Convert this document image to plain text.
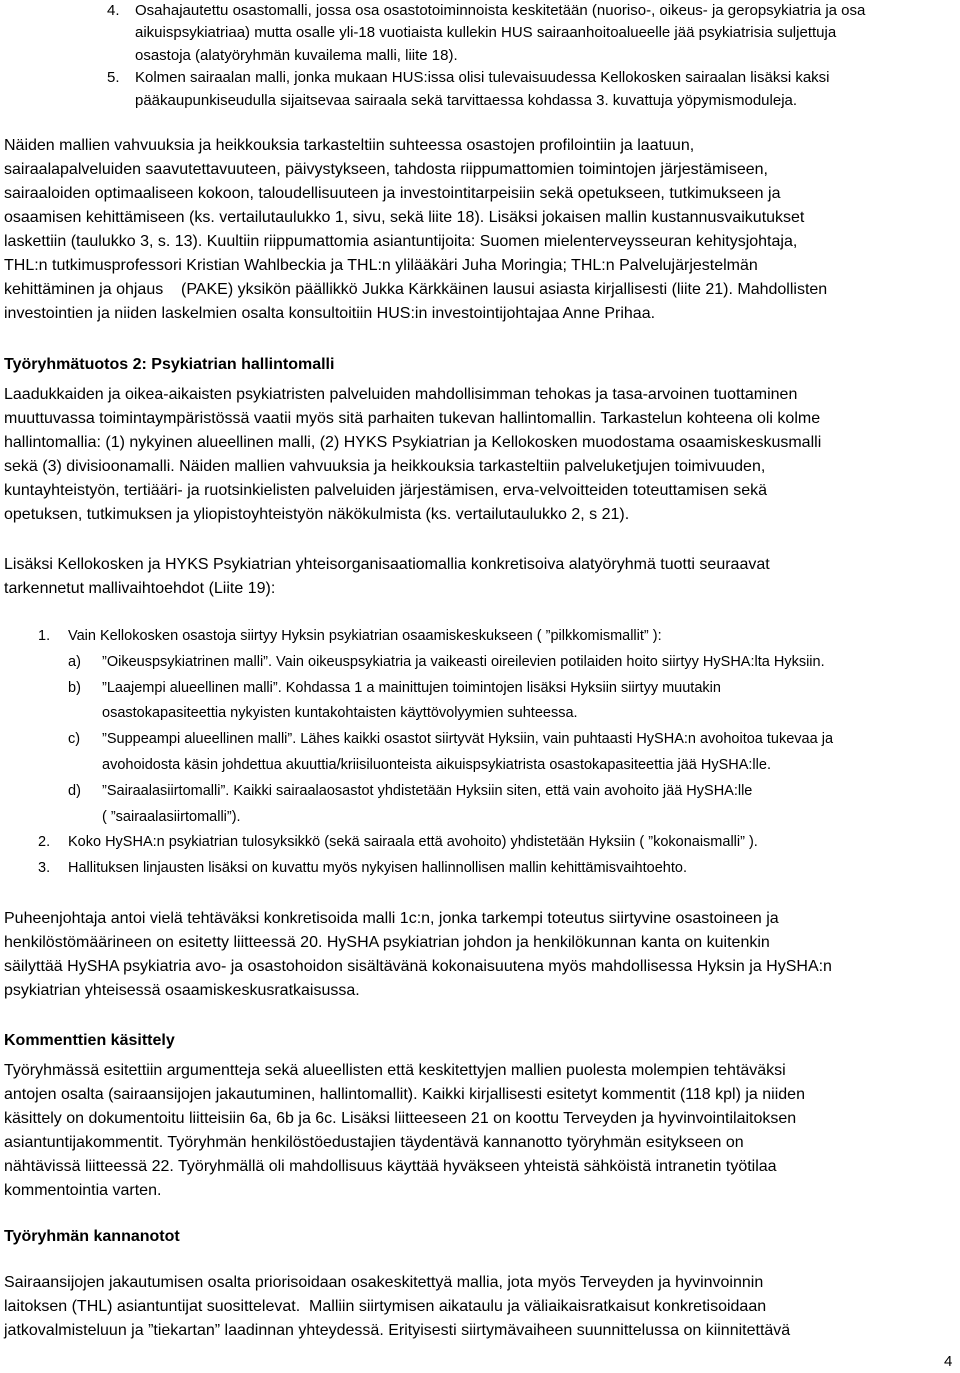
4. Osahajautettu osastomalli, jossa osa osastotoiminnoista keskitetään (nuoriso-, oikeus- ja geropsykiatria ja osa
aikuispsykiatriaa) mutta osalle yli-18 vuotiaista kullekin HUS sairaanhoitoalueelle jää psykiatrisia suljettuja
osastoja (alatyöryhmän kuvailema malli, liite 18).
5. Kolmen sairaalan malli, jonka mukaan HUS:issa olisi tulevaisuudessa Kellokosken sairaalan lisäksi kaksi
pääkaupunkiseudulla sijaitsevaa sairaala sekä tarvittaessa kohdassa 3. kuvattuja yöpymismoduleja.
Näiden mallien vahvuuksia ja heikkouksia tarkasteltiin suhteessa osastojen profilointiin ja laatuun,
sairaalapalveluiden saavutettavuuteen, päivystykseen, tahdosta riippumattomien toimintojen järjestämiseen,
sairaaloiden optimaaliseen kokoon, taloudellisuuteen ja investointitarpeisiin sekä opetukseen, tutkimukseen ja
osaamisen kehittämiseen (ks. vertailutaulukko 1, sivu, sekä liite 18). Lisäksi jokaisen mallin kustannusvaikutukset
laskettiin (taulukko 3, s. 13). Kuultiin riippumattomia asiantuntijoita: Suomen mielenterveysseuran kehitysjohtaja,
THL:n tutkimusprofessori Kristian Wahlbeckia ja THL:n ylilääkäri Juha Moringia; THL:n Palvelujärjestelmän
kehittäminen ja ohjaus    (PAKE) yksikön päällikkö Jukka Kärkkäinen lausui asiasta kirjallisesti (liite 21). Mahdollisten
investointien ja niiden laskelmien osalta konsultoitiin HUS:in investointijohtajaa Anne Prihaa.
Työryhmätuotos 2: Psykiatrian hallintomalli
Laadukkaiden ja oikea-aikaisten psykiatristen palveluiden mahdollisimman tehokas ja tasa-arvoinen tuottaminen
muuttuvassa toimintaympäristössä vaatii myös sitä parhaiten tukevan hallintomallin. Tarkastelun kohteena oli kolme
hallintomallia: (1) nykyinen alueellinen malli, (2) HYKS Psykiatrian ja Kellokosken muodostama osaamiskeskusmalli
sekä (3) divisioonamalli. Näiden mallien vahvuuksia ja heikkouksia tarkasteltiin palveluketjujen toimivuuden,
kuntayhteistyön, tertiääri- ja ruotsinkielisten palveluiden järjestämisen, erva-velvoitteiden toteuttamisen sekä
opetuksen, tutkimuksen ja yliopistoyhteistyön näkökulmista (ks. vertailutaulukko 2, s 21).
Lisäksi Kellokosken ja HYKS Psykiatrian yhteisorganisaatiomallia konkretisoiva alatyöryhmä tuotti seuraavat
tarkennetut mallivaihtoehdot (Liite 19):
1. Vain Kellokosken osastoja siirtyy Hyksin psykiatrian osaamiskeskukseen ( ”pilkkomismallit” ):
a) ”Oikeuspsykiatrinen malli”. Vain oikeuspsykiatria ja vaikeasti oireilevien potilaiden hoito siirtyy HySHA:lta Hyksiin.
b) ”Laajempi alueellinen malli”. Kohdassa 1 a mainittujen toimintojen lisäksi Hyksiin siirtyy muutakin
osastokapasiteettia nykyisten kuntakohtaisten käyttövolyymien suhteessa.
c) ”Suppeampi alueellinen malli”. Lähes kaikki osastot siirtyvät Hyksiin, vain puhtaasti HySHA:n avohoitoa tukevaa ja
avohoidosta käsin johdettua akuuttia/kriisiluonteista aikuispsykiatrista osastokapasiteettia jää HySHA:lle.
d) ”Sairaalasiirtomalli”. Kaikki sairaalaosastot yhdistetään Hyksiin siten, että vain avohoito jää HySHA:lle
( ”sairaalasiirtomalli”).
2. Koko HySHA:n psykiatrian tulosyksikkö (sekä sairaala että avohoito) yhdistetään Hyksiin ( ”kokonaismalli” ).
3. Hallituksen linjausten lisäksi on kuvattu myös nykyisen hallinnollisen mallin kehittämisvaihtoehto.
Puheenjohtaja antoi vielä tehtäväksi konkretisoida malli 1c:n, jonka tarkempi toteutus siirtyvine osastoineen ja
henkilöstömäärineen on esitetty liitteessä 20. HySHA psykiatrian johdon ja henkilökunnan kanta on kuitenkin
säilyttää HySHA psykiatria avo- ja osastohoidon sisältävänä kokonaisuutena myös mahdollisessa Hyksin ja HySHA:n
psykiatrian yhteisessä osaamiskeskusratkaisussa.
Kommenttien käsittely
Työryhmässä esitettiin argumentteja sekä alueellisten että keskitettyjen mallien puolesta molempien tehtäväksi
antojen osalta (sairaansijojen jakautuminen, hallintomallit). Kaikki kirjallisesti esitetyt kommentit (118 kpl) ja niiden
käsittely on dokumentoitu liitteisiin 6a, 6b ja 6c. Lisäksi liitteeseen 21 on koottu Terveyden ja hyvinvointilaitoksen
asiantuntijakommentit. Työryhmän henkilöstöedustajien täydentävä kannanotto työryhmän esitykseen on
nähtävissä liitteessä 22. Työryhmällä oli mahdollisuus käyttää hyväkseen yhteistä sähköistä intranetin työtilaa
kommentointia varten.
Työryhmän kannanotot
Sairaansijojen jakautumisen osalta priorisoidaan osakeskitettyä mallia, jota myös Terveyden ja hyvinvoinnin
laitoksen (THL) asiantuntijat suosittelevat.  Malliin siirtymisen aikataulu ja väliaikaisratkaisut konkretisoidaan
jatkovalmisteluun ja ”tiekartan” laadinnan yhteydessä. Erityisesti siirtymävaiheen suunnittelussa on kiinnitettävä
4
